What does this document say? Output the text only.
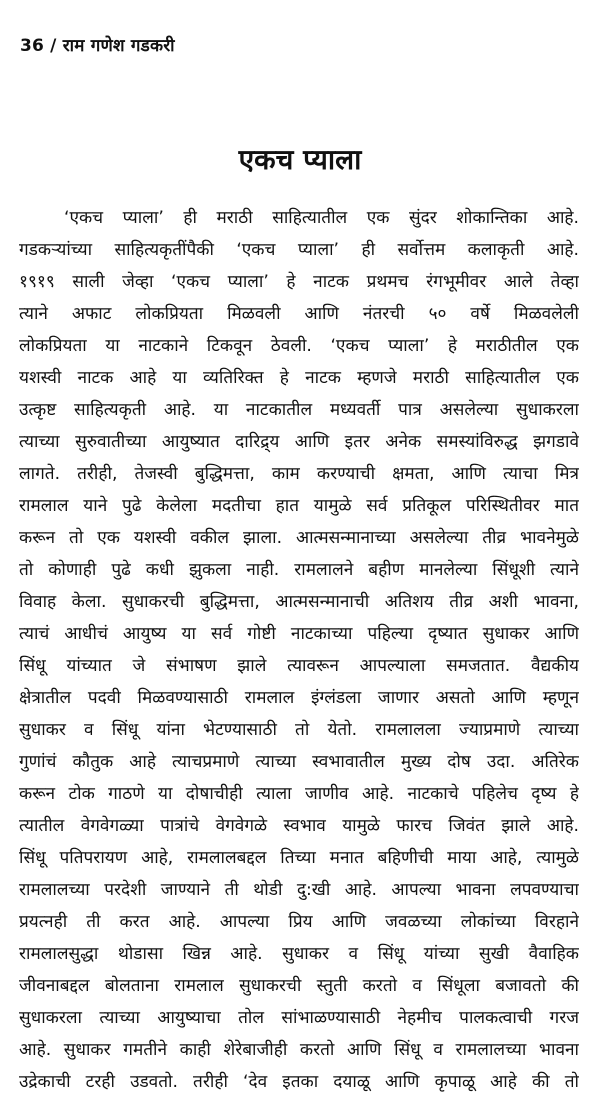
36 / राम गणेश गडकरी
एकच प्याला
‘एकच प्याला’ ही मराठी साहित्यातील एक सुंदर शोकान्तिका आहे.
गडकऱ्यांच्या साहित्यकृतींपैकी ‘एकच प्याला’ ही सर्वोत्तम कलाकृती आहे.
१९१९ साली जेव्हा ‘एकच प्याला’ हे नाटक प्रथमच रंगभूमीवर आले तेव्हा
त्याने अफाट लोकप्रियता मिळवली आणि नंतरची ५० वर्षे मिळवलेली
लोकप्रियता या नाटकाने टिकवून ठेवली. ‘एकच प्याला’ हे मराठीतील एक
यशस्वी नाटक आहे या व्यतिरिक्त हे नाटक म्हणजे मराठी साहित्यातील एक
उत्कृष्ट साहित्यकृती आहे. या नाटकातील मध्यवर्ती पात्र असलेल्या सुधाकरला
त्याच्या सुरुवातीच्या आयुष्यात दारिद्र्य आणि इतर अनेक समस्यांविरुद्ध झगडावे
लागते. तरीही, तेजस्वी बुद्धिमत्ता, काम करण्याची क्षमता, आणि त्याचा मित्र
रामलाल याने पुढे केलेला मदतीचा हात यामुळे सर्व प्रतिकूल परिस्थितीवर मात
करून तो एक यशस्वी वकील झाला. आत्मसन्मानाच्या असलेल्या तीव्र भावनेमुळे
तो कोणाही पुढे कधी झुकला नाही. रामलालने बहीण मानलेल्या सिंधूशी त्याने
विवाह केला. सुधाकरची बुद्धिमत्ता, आत्मसन्मानाची अतिशय तीव्र अशी भावना,
त्याचं आधीचं आयुष्य या सर्व गोष्टी नाटकाच्या पहिल्या दृष्यात सुधाकर आणि
सिंधू यांच्यात जे संभाषण झाले त्यावरून आपल्याला समजतात. वैद्यकीय
क्षेत्रातील पदवी मिळवण्यासाठी रामलाल इंग्लंडला जाणार असतो आणि म्हणून
सुधाकर व सिंधू यांना भेटण्यासाठी तो येतो. रामलालला ज्याप्रमाणे त्याच्या
गुणांचं कौतुक आहे त्याचप्रमाणे त्याच्या स्वभावातील मुख्य दोष उदा. अतिरेक
करून टोक गाठणे या दोषाचीही त्याला जाणीव आहे. नाटकाचे पहिलेच दृष्य हे
त्यातील वेगवेगळ्या पात्रांचे वेगवेगळे स्वभाव यामुळे फारच जिवंत झाले आहे.
सिंधू पतिपरायण आहे, रामलालबद्दल तिच्या मनात बहिणीची माया आहे, त्यामुळे
रामलालच्या परदेशी जाण्याने ती थोडी दु:खी आहे. आपल्या भावना लपवण्याचा
प्रयत्नही ती करत आहे. आपल्या प्रिय आणि जवळच्या लोकांच्या विरहाने
रामलालसुद्धा थोडासा खिन्न आहे. सुधाकर व सिंधू यांच्या सुखी वैवाहिक
जीवनाबद्दल बोलताना रामलाल सुधाकरची स्तुती करतो व सिंधूला बजावतो की
सुधाकरला त्याच्या आयुष्याचा तोल सांभाळण्यासाठी नेहमीच पालकत्वाची गरज
आहे. सुधाकर गमतीने काही शेरेबाजीही करतो आणि सिंधू व रामलालच्या भावना
उद्रेकाची टरही उडवतो. तरीही ‘देव इतका दयाळू आणि कृपाळू आहे की तो
